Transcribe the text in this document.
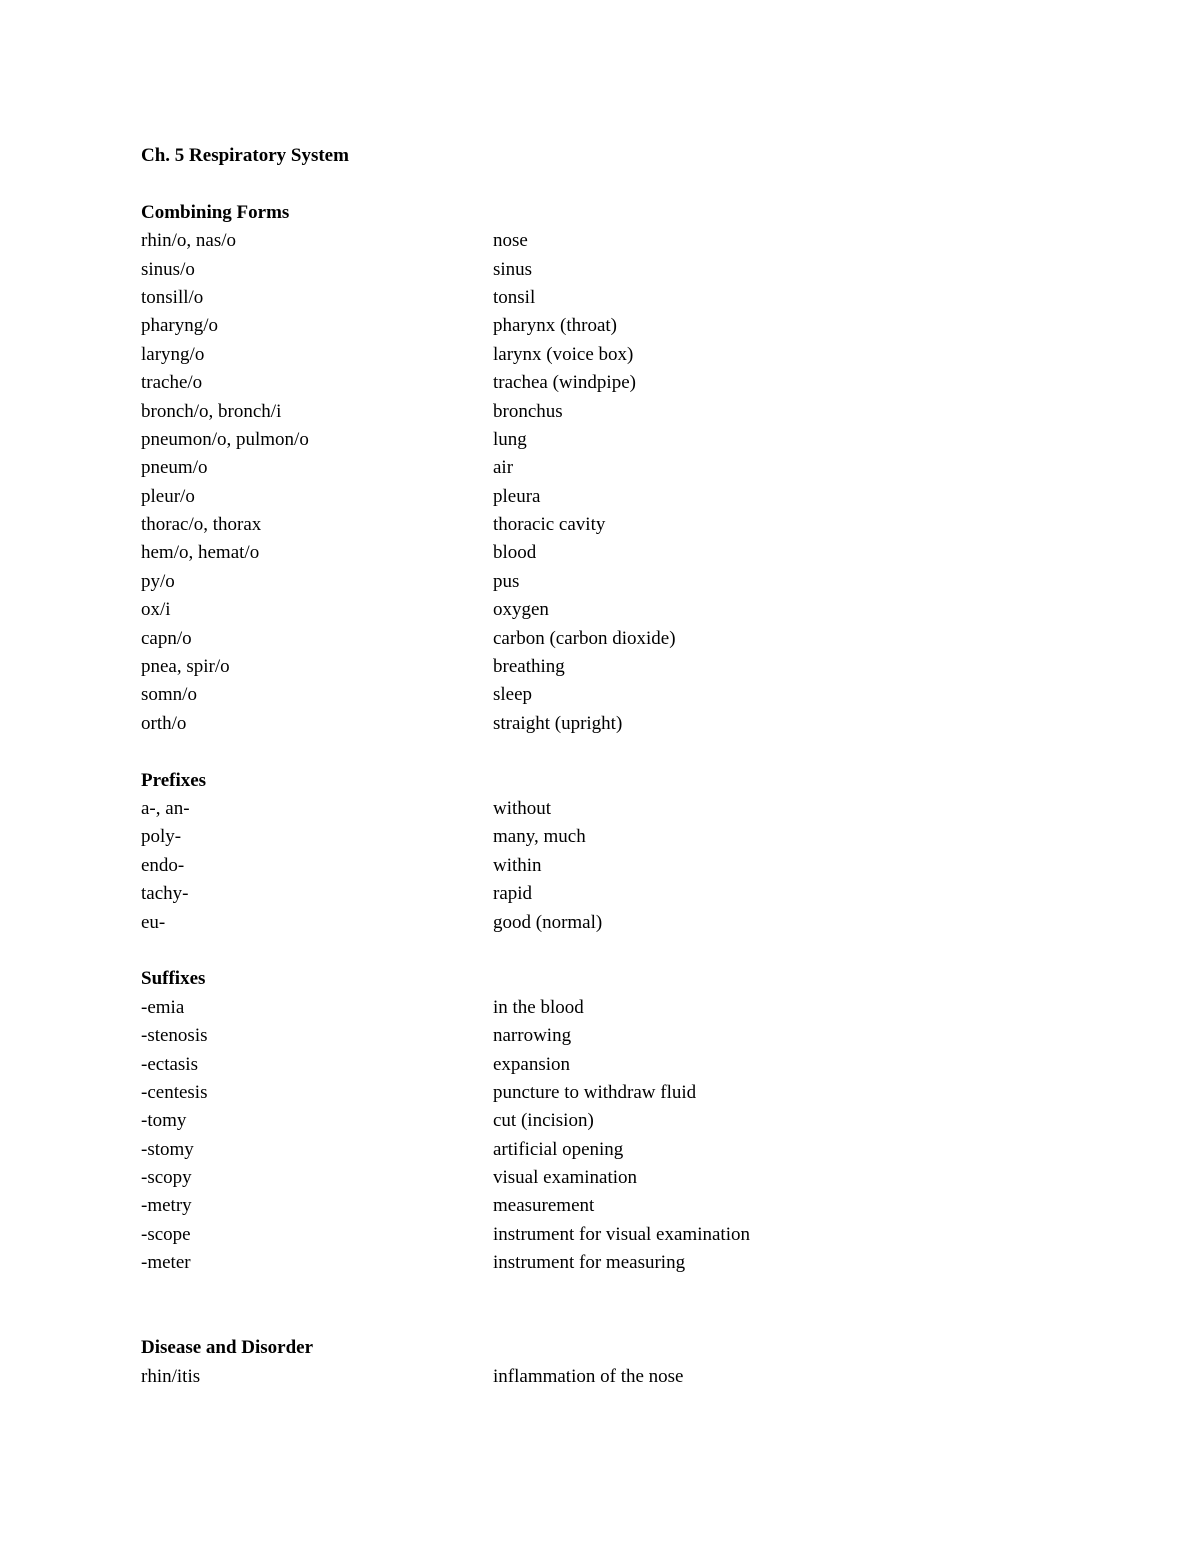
Ch. 5 Respiratory System
Combining Forms
rhin/o, nas/o	nose
sinus/o	sinus
tonsill/o	tonsil
pharyng/o	pharynx (throat)
laryng/o	larynx (voice box)
trache/o	trachea (windpipe)
bronch/o, bronch/i	bronchus
pneumon/o, pulmon/o	lung
pneum/o	air
pleur/o	pleura
thorac/o, thorax	thoracic cavity
hem/o, hemat/o	blood
py/o	pus
ox/i	oxygen
capn/o	carbon (carbon dioxide)
pnea, spir/o	breathing
somn/o	sleep
orth/o	straight (upright)
Prefixes
a-, an-	without
poly-	many, much
endo-	within
tachy-	rapid
eu-	good (normal)
Suffixes
-emia	in the blood
-stenosis	narrowing
-ectasis	expansion
-centesis	puncture to withdraw fluid
-tomy	cut (incision)
-stomy	artificial opening
-scopy	visual examination
-metry	measurement
-scope	instrument for visual examination
-meter	instrument for measuring
Disease and Disorder
rhin/itis	inflammation of the nose
